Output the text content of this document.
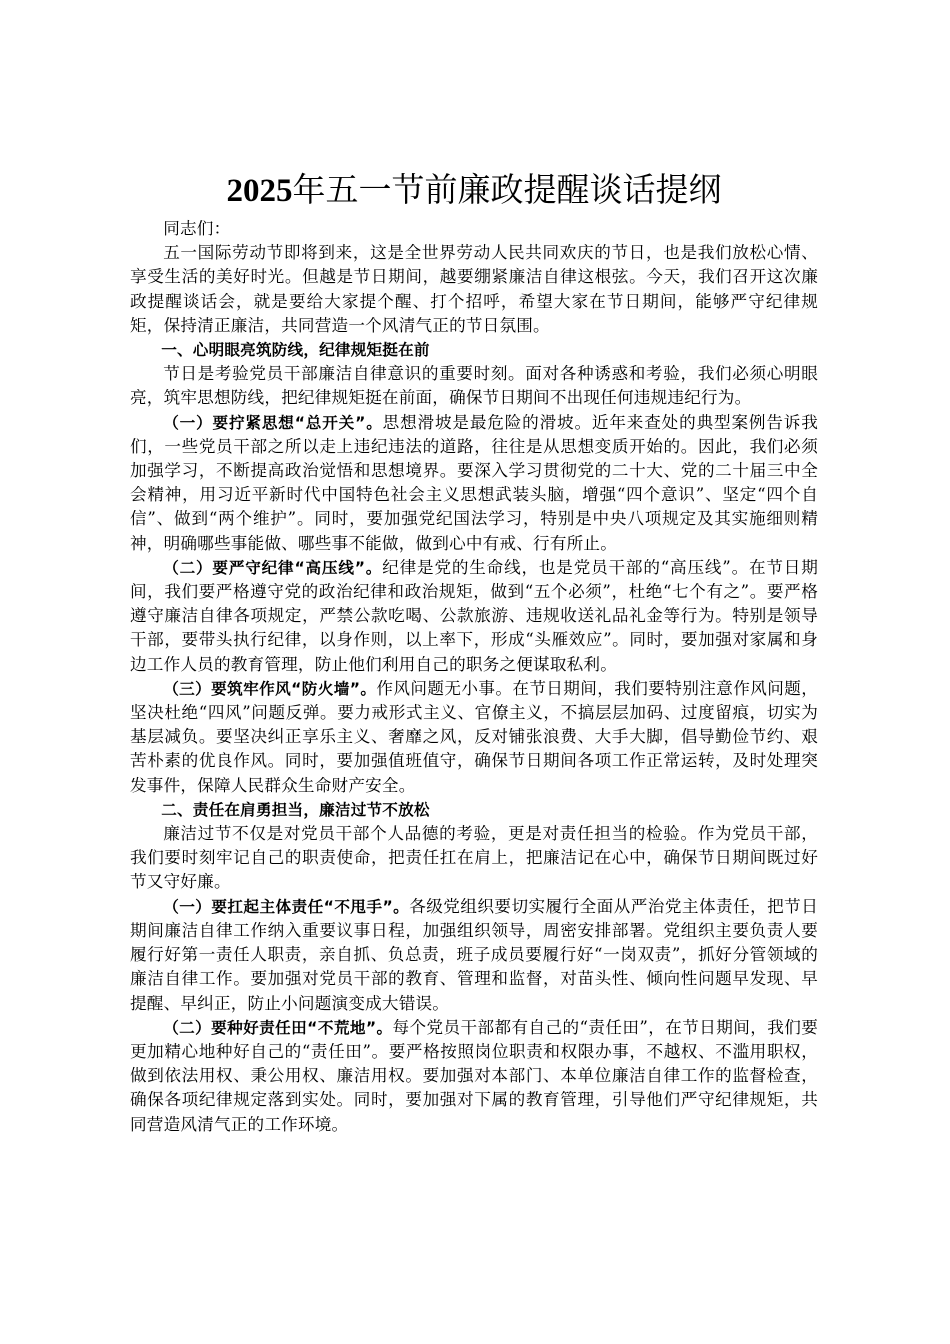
2025年五一节前廉政提醒谈话提纲

同志们：

五一国际劳动节即将到来，这是全世界劳动人民共同欢庆的节日，也是我们放松心情、享受生活的美好时光。但越是节日期间，越要绷紧廉洁自律这根弦。今天，我们召开这次廉政提醒谈话会，就是要给大家提个醒、打个招呼，希望大家在节日期间，能够严守纪律规矩，保持清正廉洁，共同营造一个风清气正的节日氛围。

一、心明眼亮筑防线，纪律规矩挺在前

节日是考验党员干部廉洁自律意识的重要时刻。面对各种诱惑和考验，我们必须心明眼亮，筑牢思想防线，把纪律规矩挺在前面，确保节日期间不出现任何违规违纪行为。

（一）要拧紧思想“总开关”。思想滑坡是最危险的滑坡。近年来查处的典型案例告诉我们，一些党员干部之所以走上违纪违法的道路，往往是从思想变质开始的。因此，我们必须加强学习，不断提高政治觉悟和思想境界。要深入学习贯彻党的二十大、党的二十届三中全会精神，用习近平新时代中国特色社会主义思想武装头脑，增强“四个意识”、坚定“四个自信”、做到“两个维护”。同时，要加强党纪国法学习，特别是中央八项规定及其实施细则精神，明确哪些事能做、哪些事不能做，做到心中有戒、行有所止。

（二）要严守纪律“高压线”。纪律是党的生命线，也是党员干部的“高压线”。在节日期间，我们要严格遵守党的政治纪律和政治规矩，做到“五个必须”，杜绝“七个有之”。要严格遵守廉洁自律各项规定，严禁公款吃喝、公款旅游、违规收送礼品礼金等行为。特别是领导干部，要带头执行纪律，以身作则，以上率下，形成“头雁效应”。同时，要加强对家属和身边工作人员的教育管理，防止他们利用自己的职务之便谋取私利。

（三）要筑牢作风“防火墙”。作风问题无小事。在节日期间，我们要特别注意作风问题，坚决杜绝“四风”问题反弹。要力戒形式主义、官僚主义，不搞层层加码、过度留痕，切实为基层减负。要坚决纠正享乐主义、奢靡之风，反对铺张浪费、大手大脚，倡导勤俭节约、艰苦朴素的优良作风。同时，要加强值班值守，确保节日期间各项工作正常运转，及时处理突发事件，保障人民群众生命财产安全。

二、责任在肩勇担当，廉洁过节不放松

廉洁过节不仅是对党员干部个人品德的考验，更是对责任担当的检验。作为党员干部，我们要时刻牢记自己的职责使命，把责任扛在肩上，把廉洁记在心中，确保节日期间既过好节又守好廉。

（一）要扛起主体责任“不甩手”。各级党组织要切实履行全面从严治党主体责任，把节日期间廉洁自律工作纳入重要议事日程，加强组织领导，周密安排部署。党组织主要负责人要履行好第一责任人职责，亲自抓、负总责，班子成员要履行好“一岗双责”，抓好分管领域的廉洁自律工作。要加强对党员干部的教育、管理和监督，对苗头性、倾向性问题早发现、早提醒、早纠正，防止小问题演变成大错误。

（二）要种好责任田“不荒地”。每个党员干部都有自己的“责任田”，在节日期间，我们要更加精心地种好自己的“责任田”。要严格按照岗位职责和权限办事，不越权、不滥用职权，做到依法用权、秉公用权、廉洁用权。要加强对本部门、本单位廉洁自律工作的监督检查，确保各项纪律规定落到实处。同时，要加强对下属的教育管理，引导他们严守纪律规矩，共同营造风清气正的工作环境。
